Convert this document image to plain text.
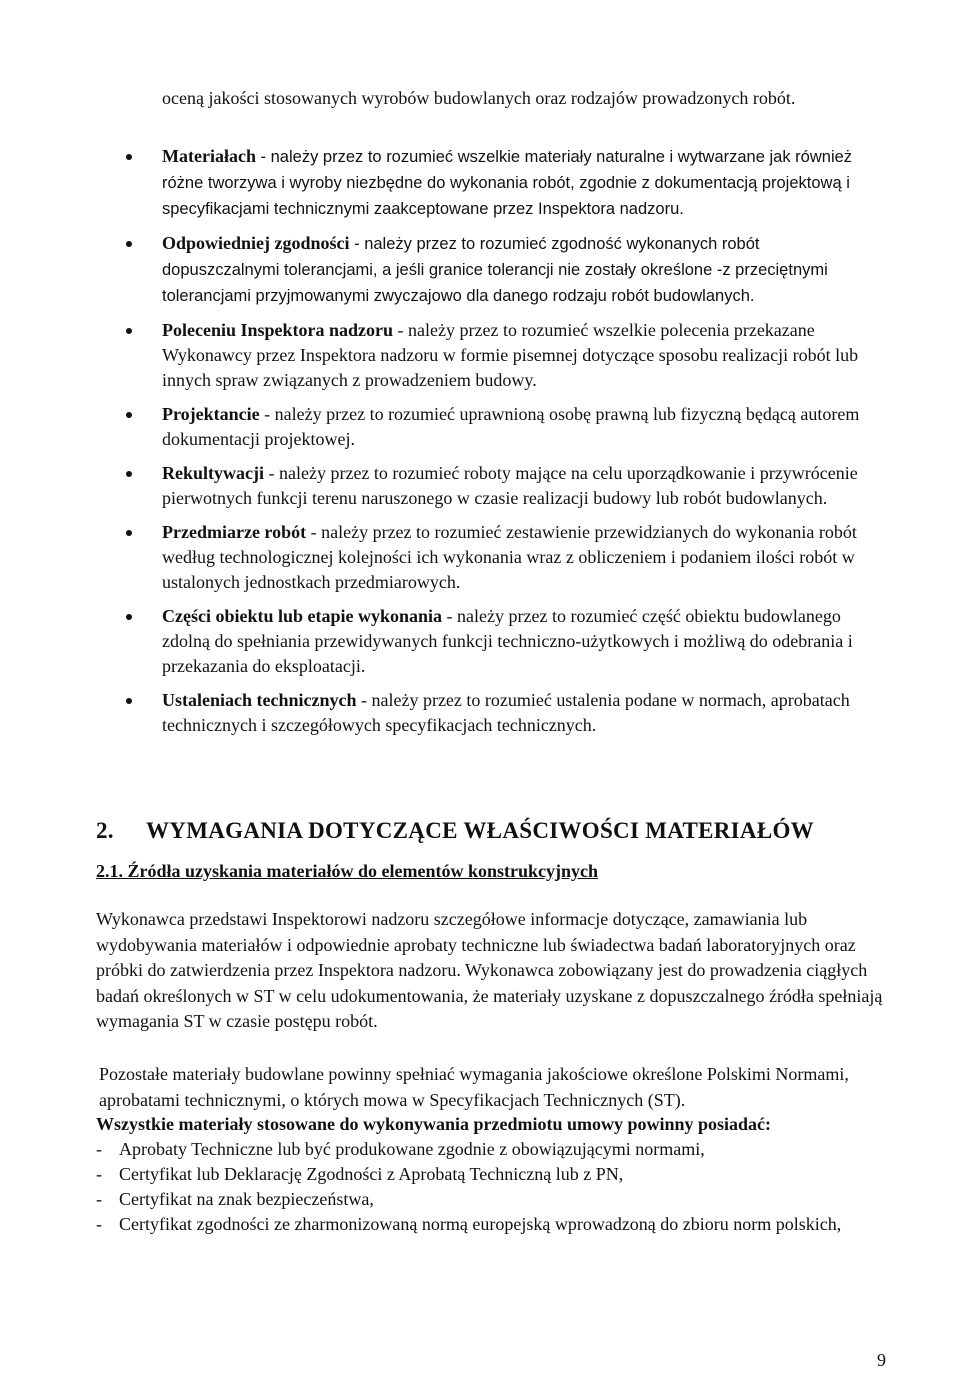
oceną jakości stosowanych wyrobów budowlanych oraz rodzajów prowadzonych robót.
Materiałach - należy przez to rozumieć wszelkie materiały naturalne i wytwarzane jak również różne tworzywa i wyroby niezbędne do wykonania robót, zgodnie z dokumentacją projektową i specyfikacjami technicznymi zaakceptowane przez Inspektora nadzoru.
Odpowiedniej zgodności - należy przez to rozumieć zgodność wykonanych robót dopuszczalnymi tolerancjami, a jeśli granice tolerancji nie zostały określone -z przeciętnymi tolerancjami przyjmowanymi zwyczajowo dla danego rodzaju robót budowlanych.
Poleceniu Inspektora nadzoru - należy przez to rozumieć wszelkie polecenia przekazane Wykonawcy przez Inspektora nadzoru w formie pisemnej dotyczące sposobu realizacji robót lub innych spraw związanych z prowadzeniem budowy.
Projektancie - należy przez to rozumieć uprawnioną osobę prawną lub fizyczną będącą autorem dokumentacji projektowej.
Rekultywacji - należy przez to rozumieć roboty mające na celu uporządkowanie i przywrócenie pierwotnych funkcji terenu naruszonego w czasie realizacji budowy lub robót budowlanych.
Przedmiarze robót - należy przez to rozumieć zestawienie przewidzianych do wykonania robót według technologicznej kolejności ich wykonania wraz z obliczeniem i podaniem ilości robót w ustalonych jednostkach przedmiarowych.
Części obiektu lub etapie wykonania - należy przez to rozumieć część obiektu budowlanego zdolną do spełniania przewidywanych funkcji techniczno-użytkowych i możliwą do odebrania i przekazania do eksploatacji.
Ustaleniach technicznych - należy przez to rozumieć ustalenia podane w normach, aprobatach technicznych i szczegółowych specyfikacjach technicznych.
2. WYMAGANIA DOTYCZĄCE WŁAŚCIWOŚCI MATERIAŁÓW
2.1. Źródła uzyskania materiałów do elementów konstrukcyjnych
Wykonawca przedstawi Inspektorowi nadzoru szczegółowe informacje dotyczące, zamawiania lub wydobywania materiałów i odpowiednie aprobaty techniczne lub świadectwa badań laboratoryjnych oraz próbki do zatwierdzenia przez Inspektora nadzoru. Wykonawca zobowiązany jest do prowadzenia ciągłych badań określonych w ST w celu udokumentowania, że materiały uzyskane z dopuszczalnego źródła spełniają wymagania ST w czasie postępu robót.
Pozostałe materiały budowlane powinny spełniać wymagania jakościowe określone Polskimi Normami, aprobatami technicznymi, o których mowa w Specyfikacjach Technicznych (ST).
Wszystkie materiały stosowane do wykonywania przedmiotu umowy powinny posiadać:
- Aprobaty Techniczne lub być produkowane zgodnie z obowiązującymi normami,
- Certyfikat lub Deklarację Zgodności z Aprobatą Techniczną lub z PN,
- Certyfikat na znak bezpieczeństwa,
- Certyfikat zgodności ze zharmonizowaną normą europejską wprowadzoną do zbioru norm polskich,
9
